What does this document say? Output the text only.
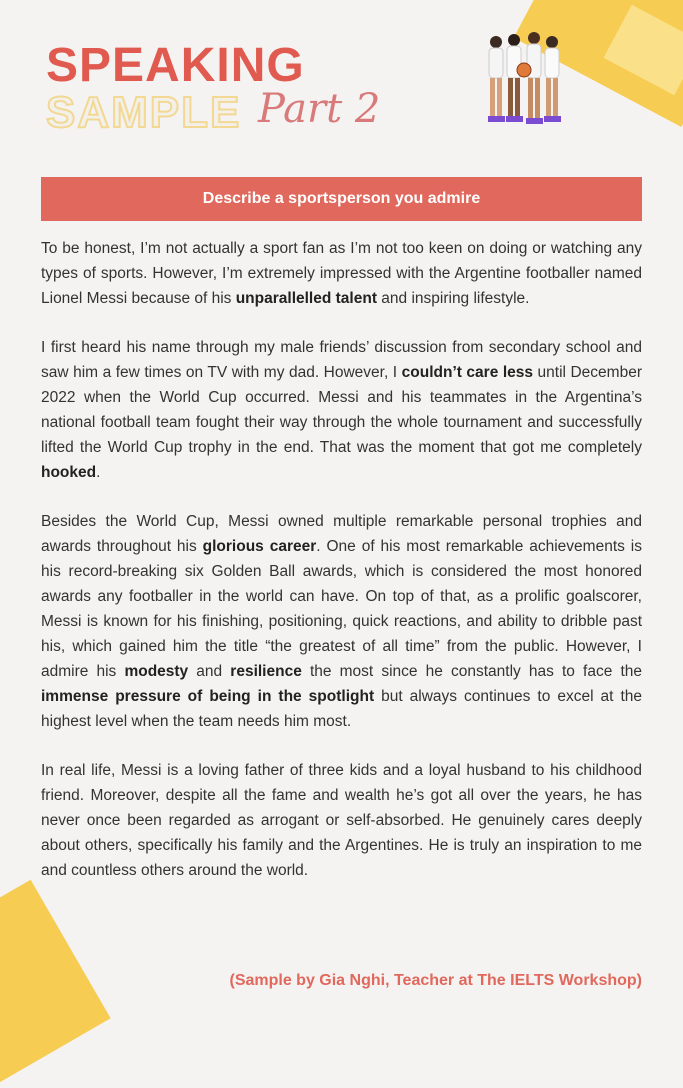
SPEAKING
SAMPLE Part 2
Describe a sportsperson you admire

To be honest, I’m not actually a sport fan as I’m not too keen on doing or watching any types of sports. However, I’m extremely impressed with the Argentine footballer named Lionel Messi because of his unparallelled talent and inspiring lifestyle.

I first heard his name through my male friends’ discussion from secondary school and saw him a few times on TV with my dad. However, I couldn’t care less until December 2022 when the World Cup occurred. Messi and his teammates in the Argentina’s national football team fought their way through the whole tournament and successfully lifted the World Cup trophy in the end. That was the moment that got me completely hooked.

Besides the World Cup, Messi owned multiple remarkable personal trophies and awards throughout his glorious career. One of his most remarkable achievements is his record-breaking six Golden Ball awards, which is considered the most honored awards any footballer in the world can have. On top of that, as a prolific goalscorer, Messi is known for his finishing, positioning, quick reactions, and ability to dribble past his, which gained him the title “the greatest of all time” from the public. However, I admire his modesty and resilience the most since he constantly has to face the immense pressure of being in the spotlight but always continues to excel at the highest level when the team needs him most.

In real life, Messi is a loving father of three kids and a loyal husband to his childhood friend. Moreover, despite all the fame and wealth he’s got all over the years, he has never once been regarded as arrogant or self-absorbed. He genuinely cares deeply about others, specifically his family and the Argentines. He is truly an inspiration to me and countless others around the world.

(Sample by Gia Nghi, Teacher at The IELTS Workshop)
